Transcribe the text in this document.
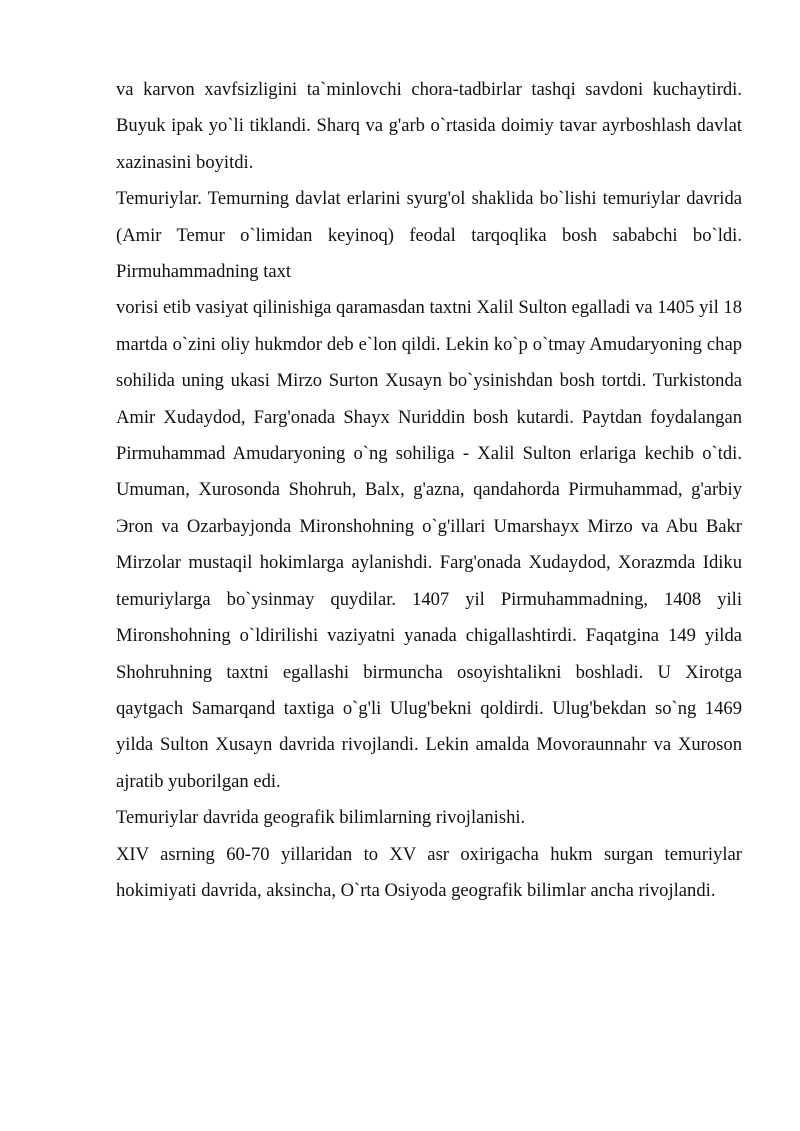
va karvon xavfsizligini ta`minlovchi chora-tadbirlar tashqi savdoni kuchaytirdi. Buyuk ipak yo`li tiklandi. Sharq va g'arb o`rtasida doimiy tavar ayrboshlash davlat xazinasini boyitdi.

Temuriylar. Temurning davlat erlarini syurg'ol shaklida bo`lishi temuriylar davrida (Amir Temur o`limidan keyinoq) feodal tarqoqlika bosh sababchi bo`ldi. Pirmuhammadning taxt

vorisi etib vasiyat qilinishiga qaramasdan taxtni Xalil Sulton egalladi va 1405 yil 18 martda o`zini oliy hukmdor deb e`lon qildi. Lekin ko`p o`tmay Amudaryoning chap sohilida uning ukasi Mirzo Surton Xusayn bo`ysinishdan bosh tortdi. Turkistonda Amir Xudaydod, Farg'onada Shayx Nuriddin bosh kutardi. Paytdan foydalangan Pirmuhammad Amudaryoning o`ng sohiliga - Xalil Sulton erlariga kechib o`tdi. Umuman, Xurosonda Shohruh, Balx, g'azna, qandahorda Pirmuhammad, g'arbiy Эron va Ozarbayjonda Mironshohning o`g'illari Umarshayx Mirzo va Abu Bakr Mirzolar mustaqil hokimlarga aylanishdi. Farg'onada Xudaydod, Xorazmda Idiku temuriylarga bo`ysinmay quydilar. 1407 yil Pirmuhammadning, 1408 yili Mironshohning o`ldirilishi vaziyatni yanada chigallashtirdi. Faqatgina 149 yilda Shohruhning taxtni egallashi birmuncha osoyishtalikni boshladi. U Xirotga qaytgach Samarqand taxtiga o`g'li Ulug'bekni qoldirdi. Ulug'bekdan so`ng 1469 yilda Sulton Xusayn davrida rivojlandi. Lekin amalda Movoraunnahr va Xuroson ajratib yuborilgan edi.

Temuriylar davrida geografik bilimlarning rivojlanishi.

XIV asrning 60-70 yillaridan to XV asr oxirigacha hukm surgan temuriylar hokimiyati davrida, aksincha, O`rta Osiyoda geografik bilimlar ancha rivojlandi.
